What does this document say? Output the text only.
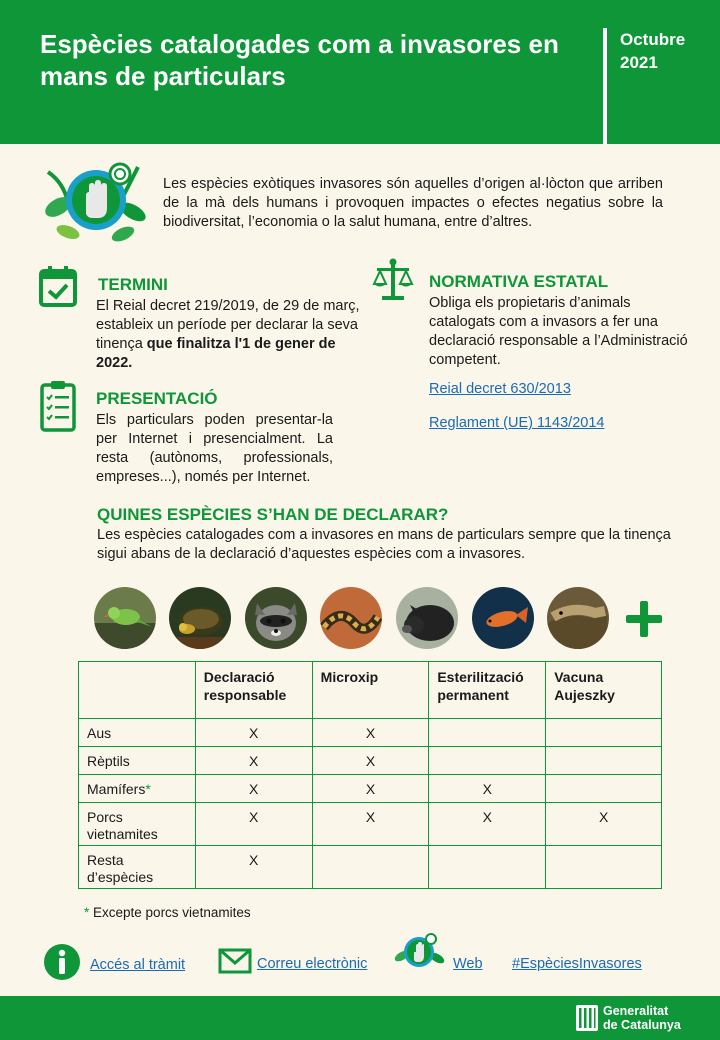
Espècies catalogades com a invasores en mans de particulars
Octubre
2021
Les espècies exòtiques invasores són aquelles d’origen al·lòcton que arriben de la mà dels humans i provoquen impactes o efectes negatius sobre la biodiversitat, l’economia o la salut humana, entre d’altres.
TERMINI
El Reial decret 219/2019, de 29 de març, estableix un període per declarar la seva tinença que finalitza l'1 de gener de 2022.
PRESENTACIÓ
Els particulars poden presentar-la per Internet i presencialment. La resta (autònoms, professionals, empreses...), només per Internet.
NORMATIVA ESTATAL
Obliga els propietaris d’animals catalogats com a invasors a fer una declaració responsable a l’Administració competent.
Reial decret 630/2013
Reglament (UE) 1143/2014
QUINES ESPÈCIES S’HAN DE DECLARAR?
Les espècies catalogades com a invasores en mans de particulars sempre que la tinença sigui abans de la declaració d’aquestes espècies com a invasores.
	Declaració responsable	Microxip	Esterilització permanent	Vacuna Aujeszky
Aus	X	X		
Rèptils	X	X		
Mamífers*	X	X	X	
Porcs vietnamites	X	X	X	X
Resta d’espècies	X			
* Excepte porcs vietnamites
Accés al tràmit	Correu electrònic	Web #EspèciesInvasores
Generalitat
de Catalunya
